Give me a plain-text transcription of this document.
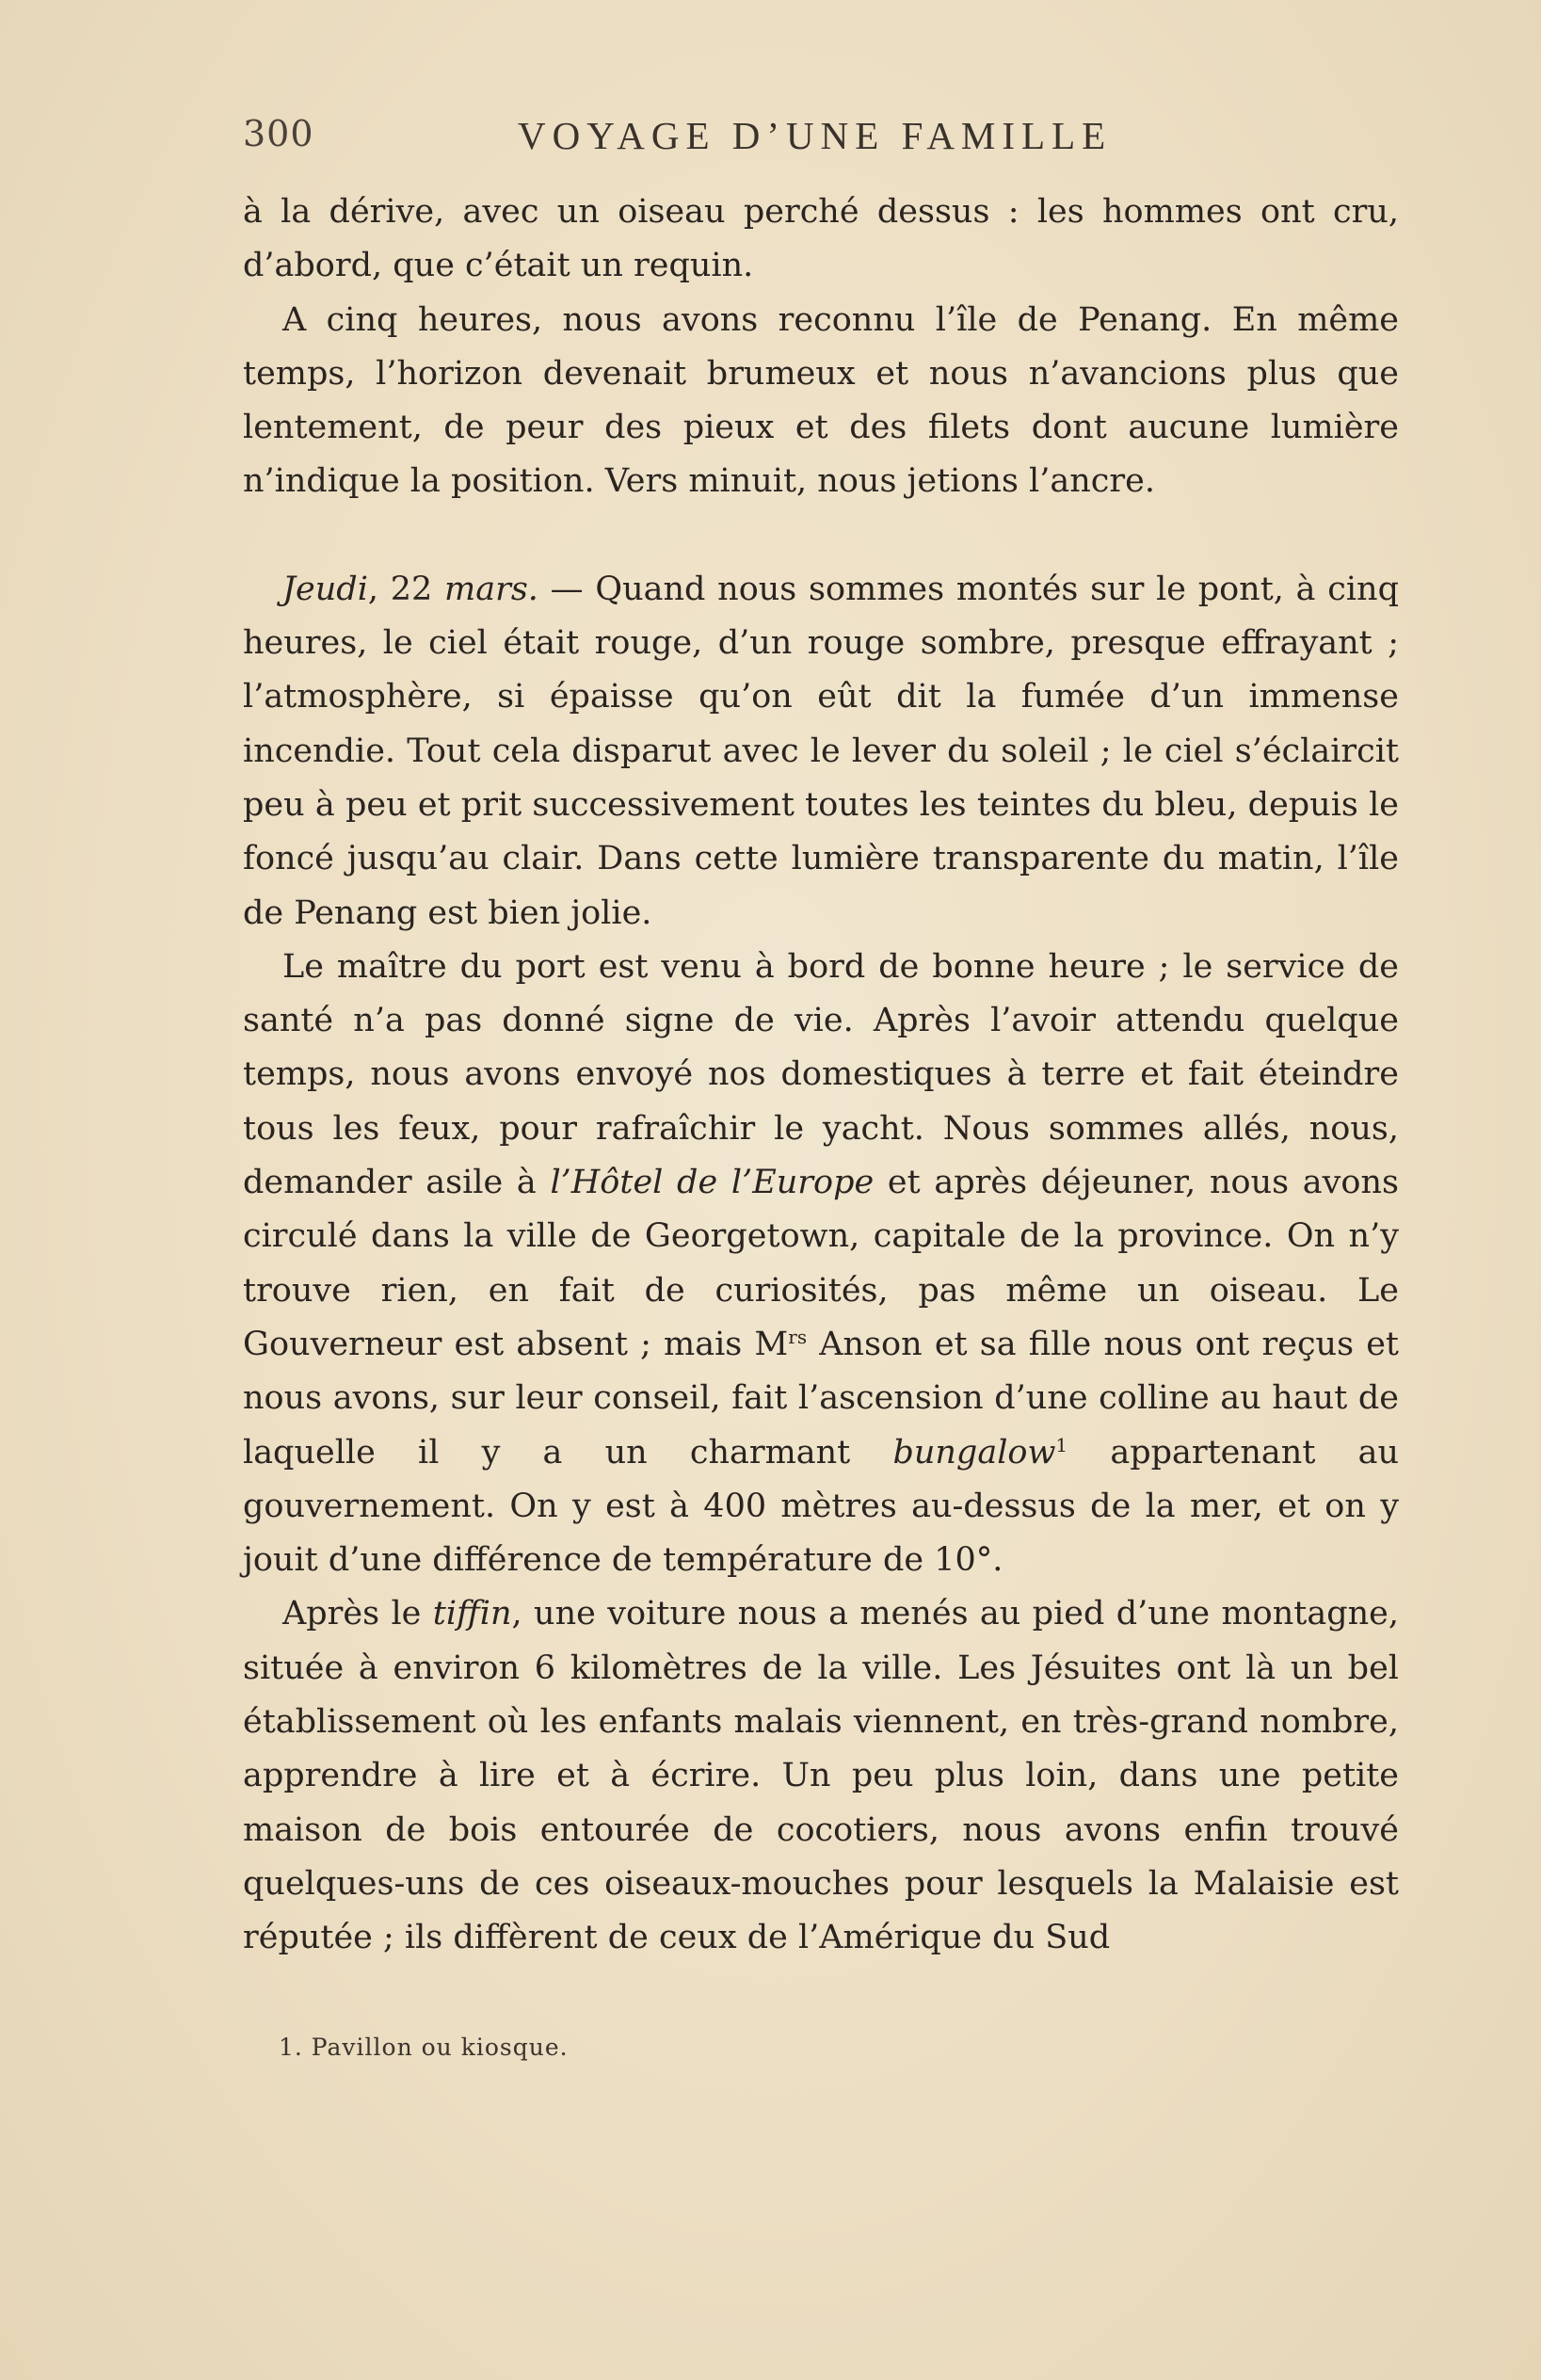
300	VOYAGE D’UNE FAMILLE

à la dérive, avec un oiseau perché dessus : les hommes ont cru, d’abord, que c’était un requin.

A cinq heures, nous avons reconnu l’île de Penang. En même temps, l’horizon devenait brumeux et nous n’avancions plus que lentement, de peur des pieux et des filets dont aucune lumière n’indique la position. Vers minuit, nous jetions l’ancre.

Jeudi, 22 mars. — Quand nous sommes montés sur le pont, à cinq heures, le ciel était rouge, d’un rouge sombre, presque effrayant ; l’atmosphère, si épaisse qu’on eût dit la fumée d’un immense incendie. Tout cela disparut avec le lever du soleil ; le ciel s’éclaircit peu à peu et prit successivement toutes les teintes du bleu, depuis le foncé jusqu’au clair. Dans cette lumière transparente du matin, l’île de Penang est bien jolie.

Le maître du port est venu à bord de bonne heure ; le service de santé n’a pas donné signe de vie. Après l’avoir attendu quelque temps, nous avons envoyé nos domestiques à terre et fait éteindre tous les feux, pour rafraîchir le yacht. Nous sommes allés, nous, demander asile à l’Hôtel de l’Europe et après déjeuner, nous avons circulé dans la ville de Georgetown, capitale de la province. On n’y trouve rien, en fait de curiosités, pas même un oiseau. Le Gouverneur est absent ; mais $M^{rs}$ Anson et sa fille nous ont reçus et nous avons, sur leur conseil, fait l’ascension d’une colline au haut de laquelle il y a un charmant bungalow$^1$ appartenant au gouvernement. On y est à 400 mètres au-dessus de la mer, et on y jouit d’une différence de température de 10°.

Après le tiffin, une voiture nous a menés au pied d’une montagne, située à environ 6 kilomètres de la ville. Les Jésuites ont là un bel établissement où les enfants malais viennent, en très-grand nombre, apprendre à lire et à écrire. Un peu plus loin, dans une petite maison de bois entourée de cocotiers, nous avons enfin trouvé quelques-uns de ces oiseaux-mouches pour lesquels la Malaisie est réputée ; ils diffèrent de ceux de l’Amérique du Sud

1. Pavillon ou kiosque.
